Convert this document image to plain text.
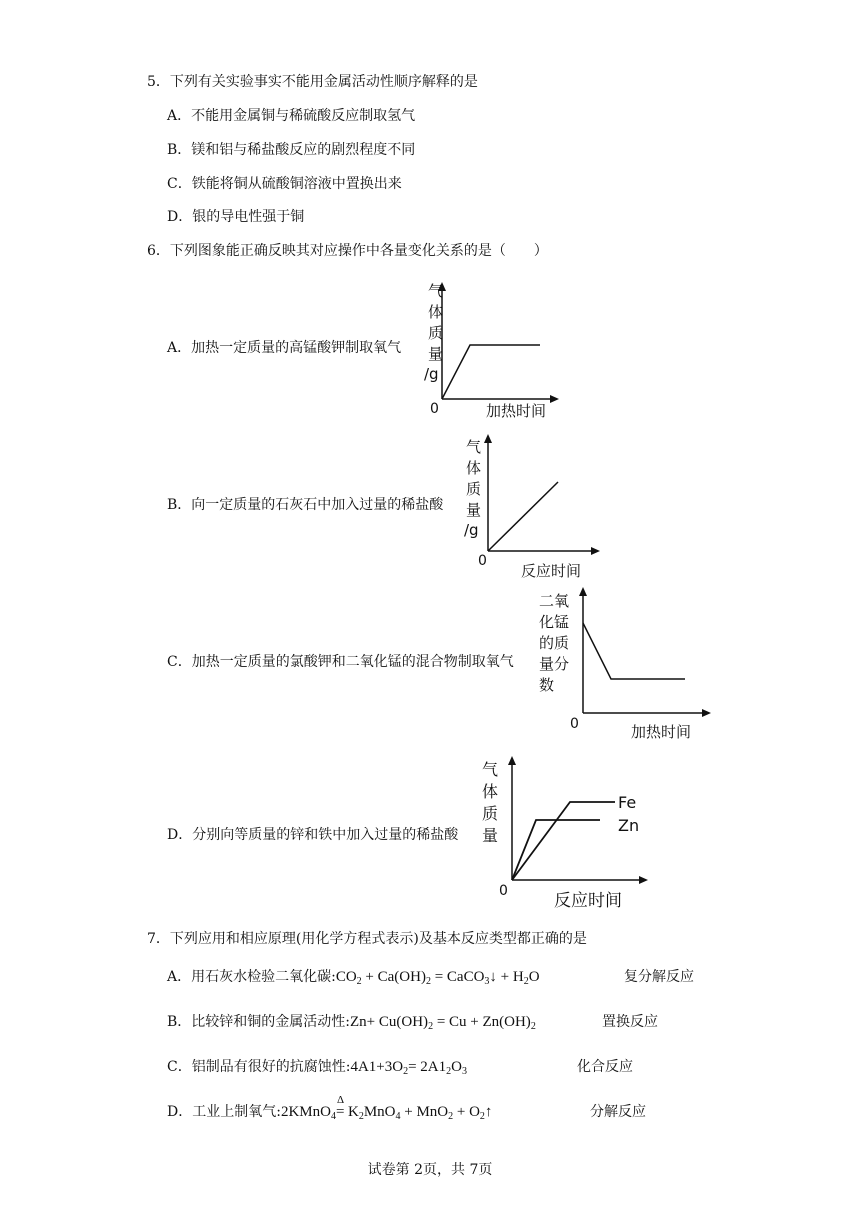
5．下列有关实验事实不能用金属活动性顺序解释的是
A．不能用金属铜与稀硫酸反应制取氢气
B．镁和铝与稀盐酸反应的剧烈程度不同
C．铁能将铜从硫酸铜溶液中置换出来
D．银的导电性强于铜
6．下列图象能正确反映其对应操作中各量变化关系的是（　　）
A．加热一定质量的高锰酸钾制取氧气
气
体
质
量
/g
0	加热时间
B．向一定质量的石灰石中加入过量的稀盐酸
气
体
质
量
/g
0
反应时间
C．加热一定质量的氯酸钾和二氧化锰的混合物制取氧气
二氧
化锰
的质
量分
数
0	加热时间
D．分别向等质量的锌和铁中加入过量的稀盐酸
Fe
Zn
气
体
质
量
0	反应时间
7．下列应用和相应原理(用化学方程式表示)及基本反应类型都正确的是
A．用石灰水检验二氧化碳$:CO_2 + Ca(OH)_2$ = CaCO$_3$↓ + $H_2O$	复分解反应
B．比较锌和铜的金属活动性:Zn+ $Cu(OH)_2 = Cu + Zn(OH)_2$	置换反应
C．铝制品有很好的抗腐蚀性$:4A1+3O_2= 2A1_2O_3$	化合反应
D．工业上制氧气:2KMnO$_4$
Δ
= $K_2MnO_4 + MnO_2$ + $O_2↑$	分解反应
试卷第 2页，共 7页
